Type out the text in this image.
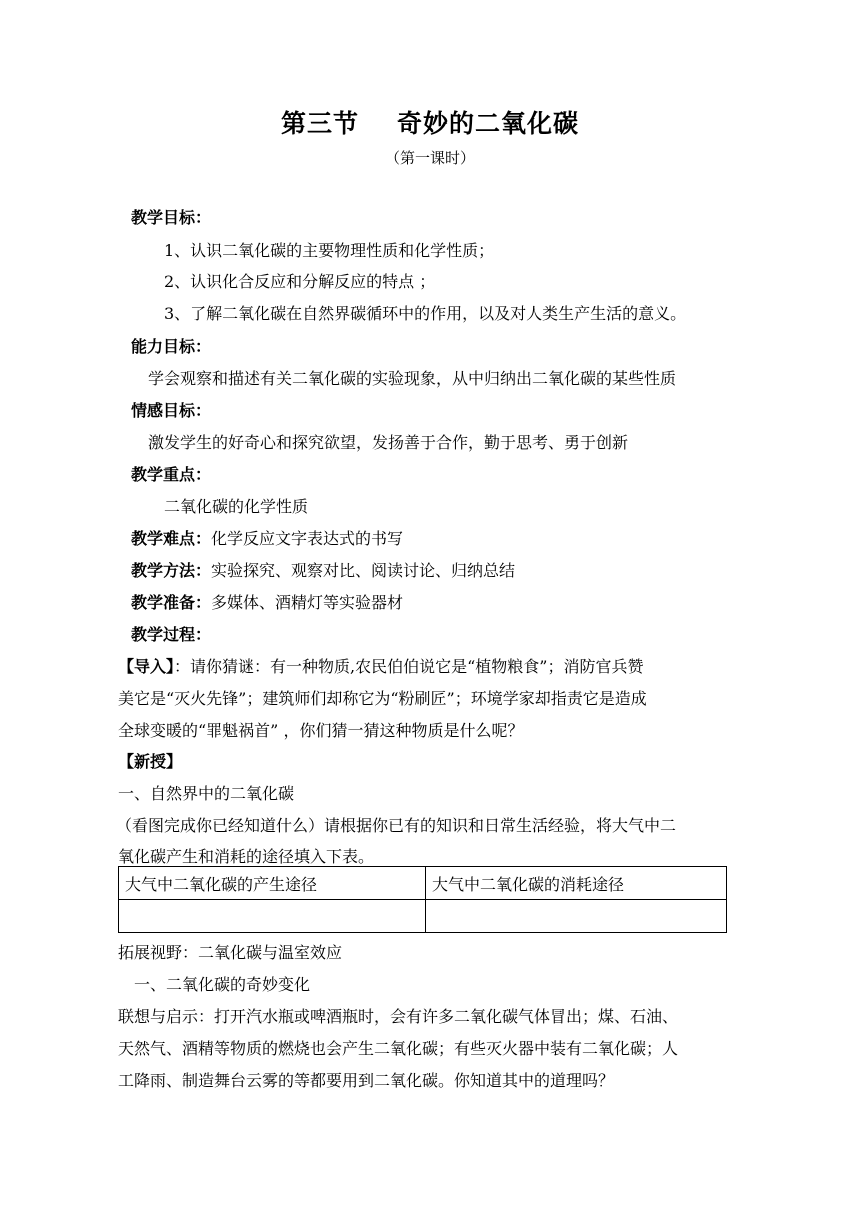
第三节 奇妙的二氧化碳
（第一课时）
教学目标：
1、认识二氧化碳的主要物理性质和化学性质；
2、认识化合反应和分解反应的特点 ；
3、了解二氧化碳在自然界碳循环中的作用，以及对人类生产生活的意义。
能力目标：
学会观察和描述有关二氧化碳的实验现象，从中归纳出二氧化碳的某些性质
情感目标：
激发学生的好奇心和探究欲望，发扬善于合作，勤于思考、勇于创新
教学重点：
二氧化碳的化学性质
教学难点：化学反应文字表达式的书写
教学方法：实验探究、观察对比、阅读讨论、归纳总结
教学准备：多媒体、酒精灯等实验器材
教学过程：
【导入】：请你猜谜：有一种物质,农民伯伯说它是“植物粮食”；消防官兵赞
美它是“灭火先锋”；建筑师们却称它为“粉刷匠”；环境学家却指责它是造成
全球变暖的“罪魁祸首” ，你们猜一猜这种物质是什么呢？
【新授】
一、自然界中的二氧化碳
（看图完成你已经知道什么）请根据你已有的知识和日常生活经验，将大气中二
氧化碳产生和消耗的途径填入下表。
大气中二氧化碳的产生途径	大气中二氧化碳的消耗途径

拓展视野：二氧化碳与温室效应
一、二氧化碳的奇妙变化
联想与启示：打开汽水瓶或啤酒瓶时，会有许多二氧化碳气体冒出；煤、石油、
天然气、酒精等物质的燃烧也会产生二氧化碳；有些灭火器中装有二氧化碳；人
工降雨、制造舞台云雾的等都要用到二氧化碳。你知道其中的道理吗？
